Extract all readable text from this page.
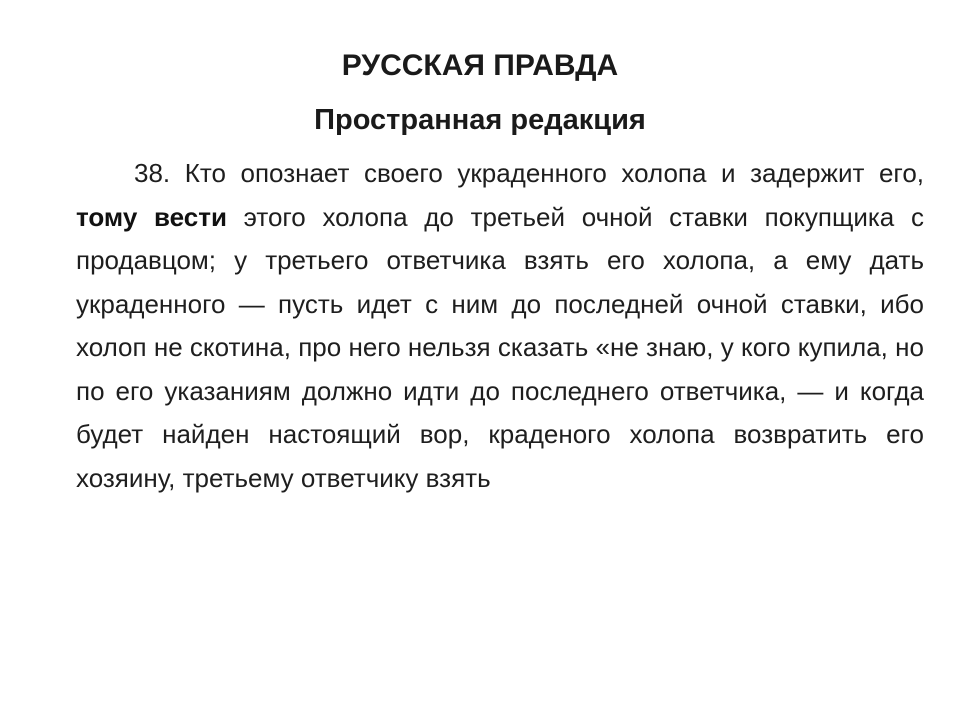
РУССКАЯ ПРАВДА
Пространная редакция

38. Кто опознает своего украденного холопа и задержит его, тому вести этого холопа до третьей очной ставки покупщика с продавцом; у третьего ответчика взять его холопа, а ему дать украденного — пусть идет с ним до последней очной ставки, ибо холоп не скотина, про него нельзя сказать «не знаю, у кого купила, но по его указаниям должно идти до последнего ответчика, — и когда будет найден настоящий вор, краденого холопа возвратить его хозяину, третьему ответчику взять
